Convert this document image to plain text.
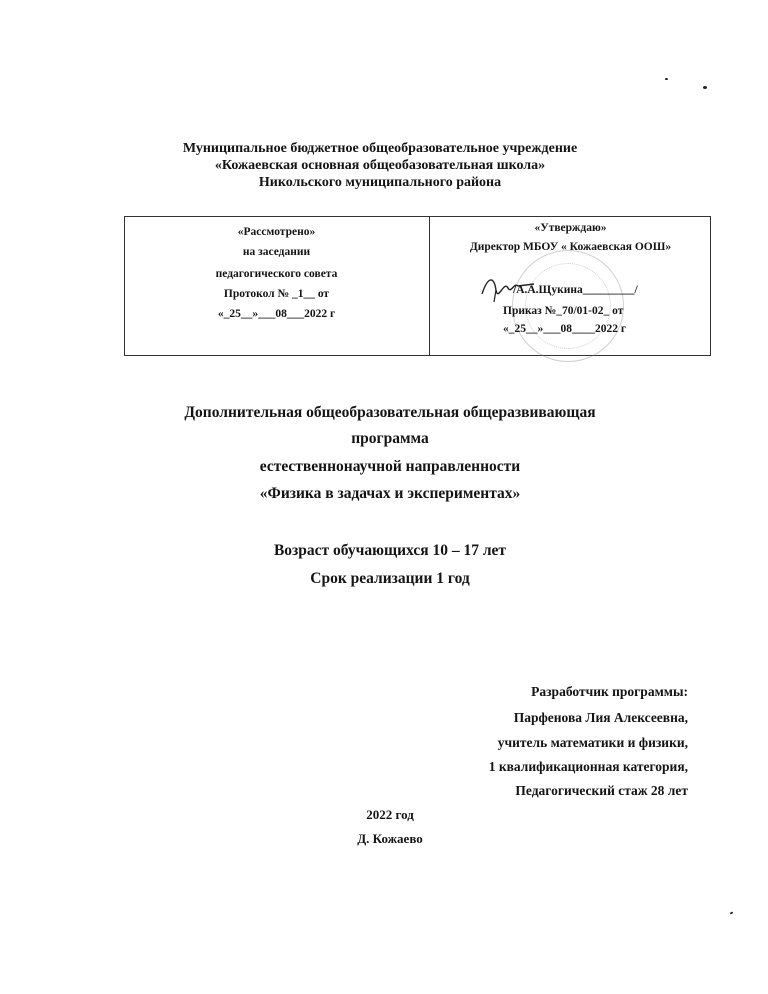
Муниципальное бюджетное общеобразовательное учреждение
«Кожаевская основная общеобазовательная школа»
Никольского муниципального района
«Рассмотрено»
на заседании
педагогического совета
Протокол № _1__ от
«_25__»___08___2022 г
«Утверждаю»
Директор МБОУ « Кожаевская ООШ»
/А.А.Щукина_________/
Приказ №_70/01-02_ от
«_25__»___08____2022 г
Дополнительная общеобразовательная общеразвивающая
программа
естественнонаучной направленности
«Физика в задачах и экспериментах»
Возраст обучающихся 10 – 17 лет
Срок реализации 1 год
Разработчик программы:
Парфенова Лия Алексеевна,
учитель математики и физики,
1 квалификационная категория,
Педагогический стаж 28 лет
2022 год
Д. Кожаево
